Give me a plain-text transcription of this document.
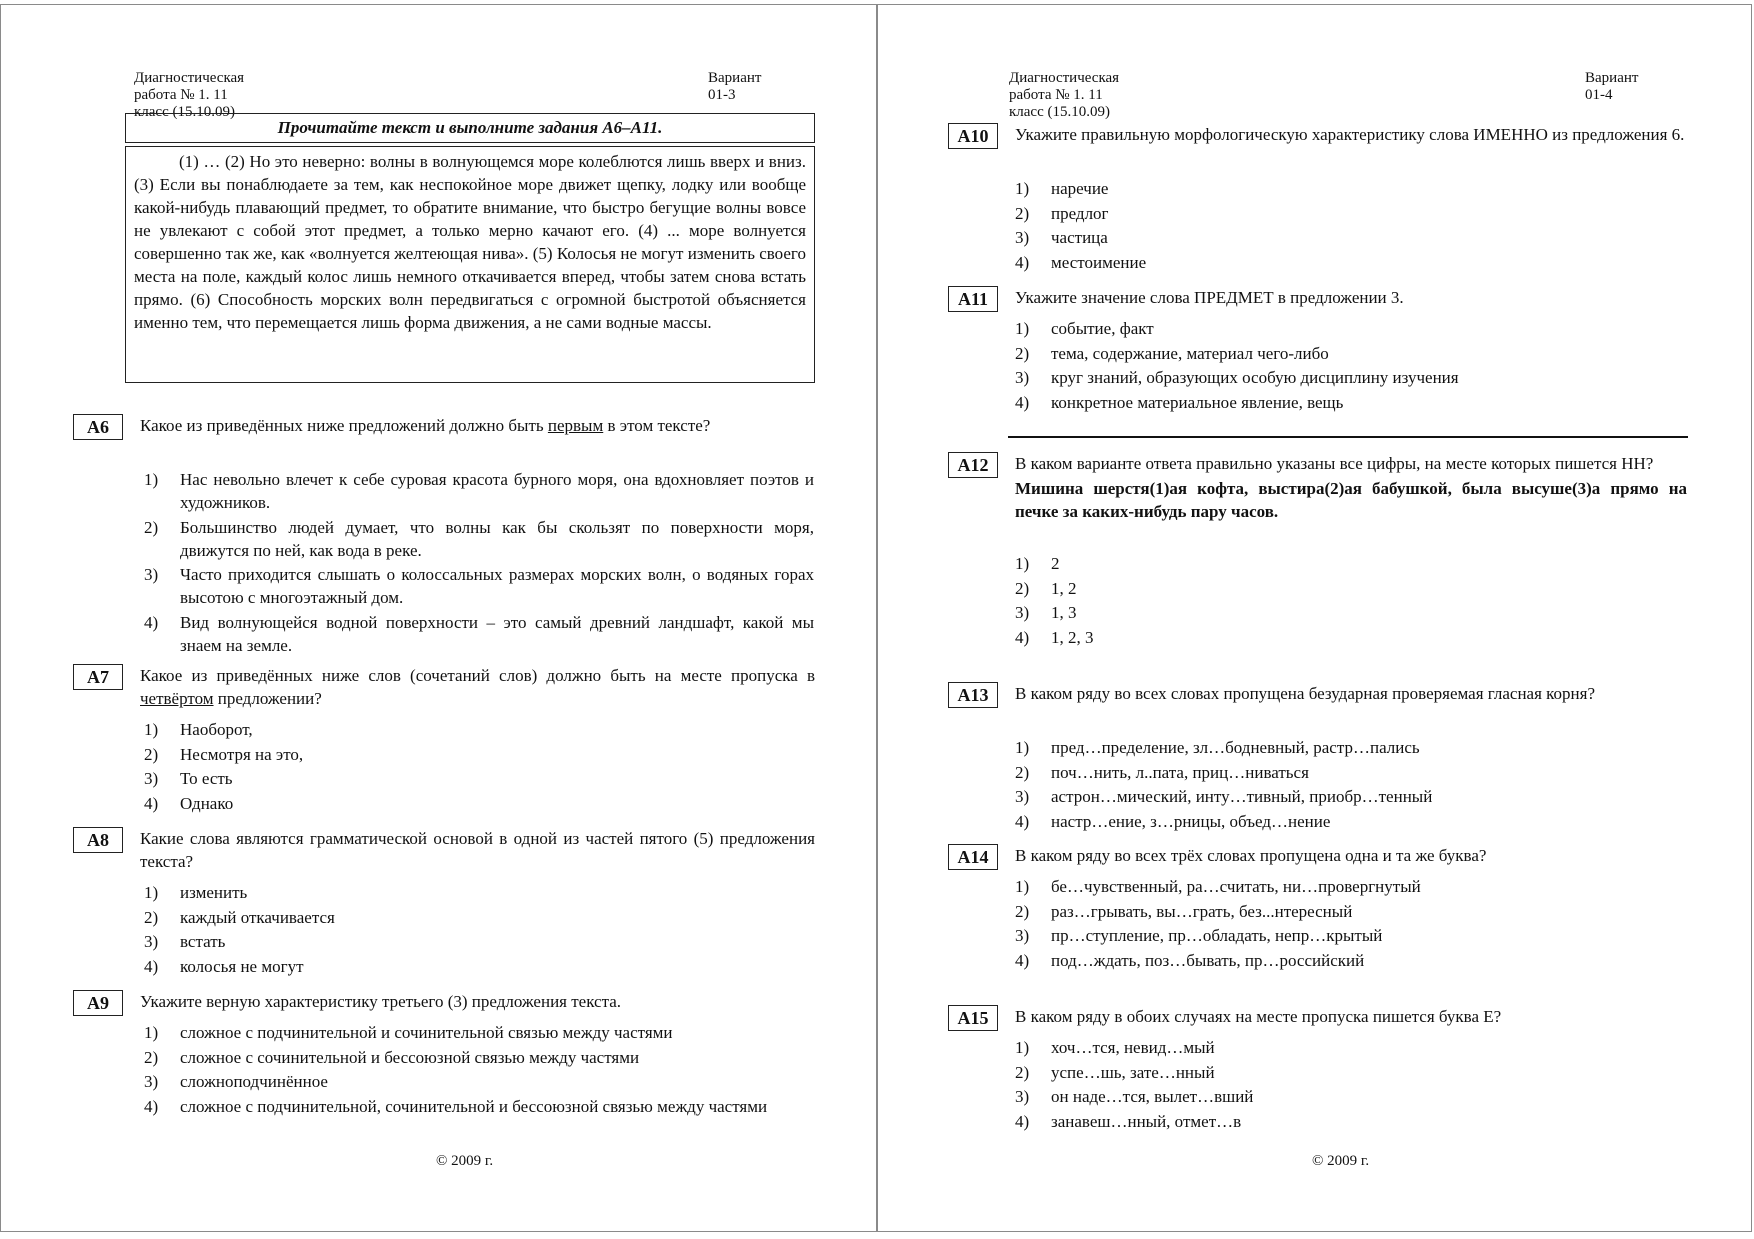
Диагностическая работа № 1. 11 класс (15.10.09)
Вариант 01-3
Прочитайте текст и выполните задания А6–А11.

(1) … (2) Но это неверно: волны в волнующемся море колеблются лишь вверх и вниз. (3) Если вы понаблюдаете за тем, как неспокойное море движет щепку, лодку или вообще какой-нибудь плавающий предмет, то обратите внимание, что быстро бегущие волны вовсе не увлекают с собой этот предмет, а только мерно качают его. (4) ... море волнуется совершенно так же, как «волнуется желтеющая нива». (5) Колосья не могут изменить своего места на поле, каждый колос лишь немного откачивается вперед, чтобы затем снова встать прямо. (6) Способность морских волн передвигаться с огромной быстротой объясняется именно тем, что перемещается лишь форма движения, а не сами водные массы.

А6	Какое из приведённых ниже предложений должно быть первым в этом тексте?
1) Нас невольно влечет к себе суровая красота бурного моря, она вдохновляет поэтов и художников.
2) Большинство людей думает, что волны как бы скользят по поверхности моря, движутся по ней, как вода в реке.
3) Часто приходится слышать о колоссальных размерах морских волн, о водяных горах высотою с многоэтажный дом.
4) Вид волнующейся водной поверхности – это самый древний ландшафт, какой мы знаем на земле.
А7	Какое из приведённых ниже слов (сочетаний слов) должно быть на месте пропуска в четвёртом предложении?
1) Наоборот,
2) Несмотря на это,
3) То есть
4) Однако
А8	Какие слова являются грамматической основой в одной из частей пятого (5) предложения текста?
1) изменить
2) каждый откачивается
3) встать
4) колосья не могут
А9	Укажите верную характеристику третьего (3) предложения текста.
1) сложное с подчинительной и сочинительной связью между частями
2) сложное с сочинительной и бессоюзной связью между частями
3) сложноподчинённое
4) сложное с подчинительной, сочинительной и бессоюзной связью между частями
© 2009 г.
Диагностическая работа № 1. 11 класс (15.10.09)
Вариант 01-4
А10	Укажите правильную морфологическую характеристику слова ИМЕННО из предложения 6.
1) наречие
2) предлог
3) частица
4) местоимение
А11	Укажите значение слова ПРЕДМЕТ в предложении 3.
1) событие, факт
2) тема, содержание, материал чего-либо
3) круг знаний, образующих особую дисциплину изучения
4) конкретное материальное явление, вещь
А12	В каком варианте ответа правильно указаны все цифры, на месте которых пишется НН?
Мишина шерстя(1)ая кофта, выстира(2)ая бабушкой, была высуше(3)а прямо на печке за каких-нибудь пару часов.
1) 2
2) 1, 2
3) 1, 3
4) 1, 2, 3
А13	В каком ряду во всех словах пропущена безударная проверяемая гласная корня?
1) пред…пределение, зл…бодневный, растр…пались
2) поч…нить, л..пата, приц…ниваться
3) астрон…мический, инту…тивный, приобр…тенный
4) настр…ение, з…рницы, объед…нение
А14	В каком ряду во всех трёх словах пропущена одна и та же буква?
1) бе…чувственный, ра…считать, ни…провергнутый
2) раз…грывать, вы…грать, без...нтересный
3) пр…ступление, пр…обладать, непр…крытый
4) под…ждать, поз…бывать, пр…российский
А15	В каком ряду в обоих случаях на месте пропуска пишется буква Е?
1) хоч…тся, невид…мый
2) успе…шь, зате…нный
3) он наде…тся, вылет…вший
4) занавеш…нный, отмет…в
© 2009 г.
